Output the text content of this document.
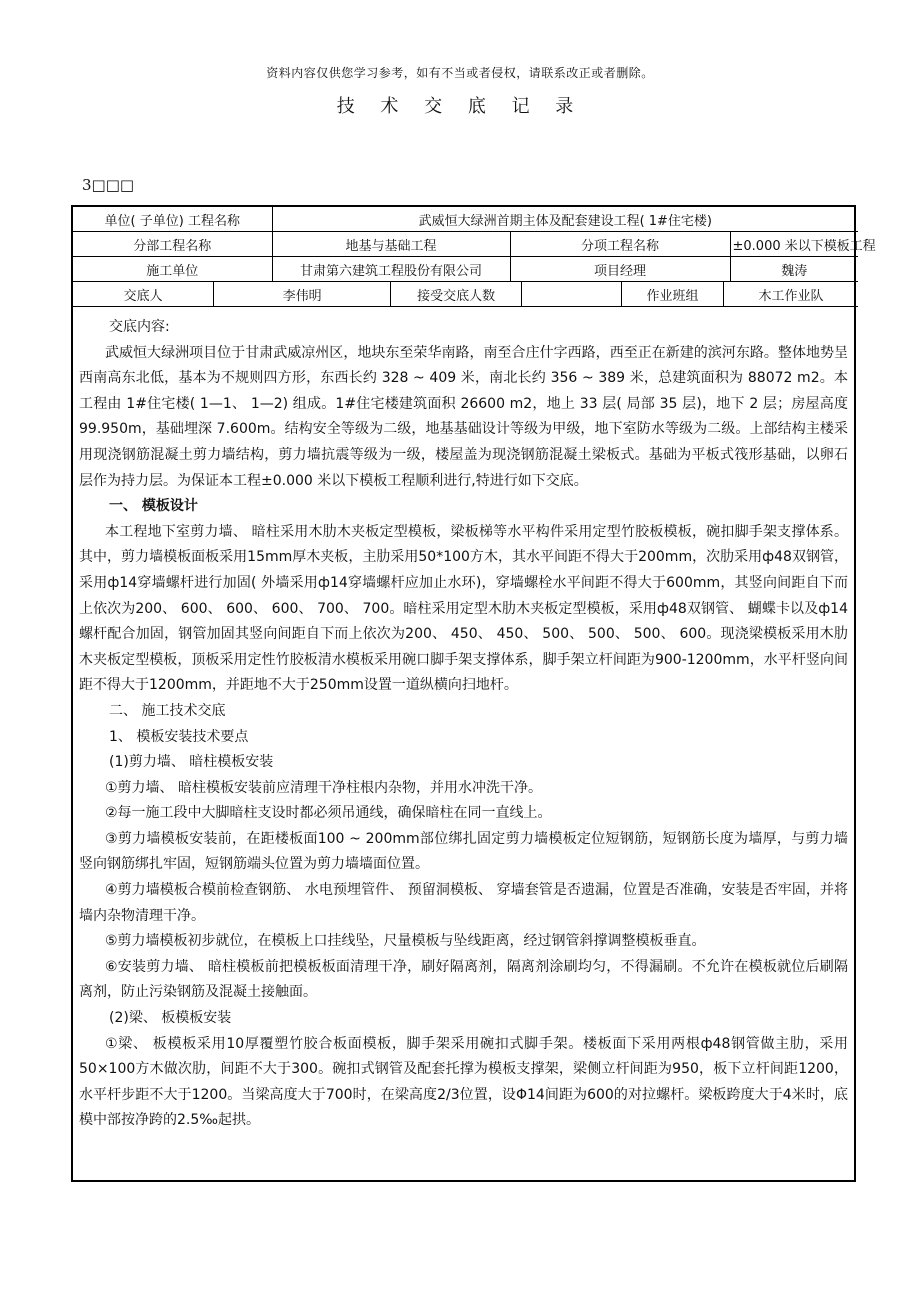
资料内容仅供您学习参考，如有不当或者侵权，请联系改正或者删除。
技 术 交 底 记 录
3□□□
单位( 子单位) 工程名称	武威恒大绿洲首期主体及配套建设工程( 1#住宅楼)
分部工程名称	地基与基础工程	分项工程名称	±0.000 米以下模板工程
施工单位	甘肃第六建筑工程股份有限公司	项目经理	魏涛

交底人	李伟明	接受交底人数		作业班组	木工作业队

交底内容:

武威恒大绿洲项目位于甘肃武威凉州区，地块东至荣华南路，南至合庄什字西路，西至正在新建的滨河东路。整体地势呈西南高东北低，基本为不规则四方形，东西长约 328 ~ 409 米，南北长约 356 ~ 389 米，总建筑面积为 88072 m2。本工程由 1#住宅楼( 1—1、 1—2) 组成。1#住宅楼建筑面积 26600 m2，地上 33 层( 局部 35 层)，地下 2 层；房屋高度 99.950m，基础埋深 7.600m。结构安全等级为二级，地基基础设计等级为甲级，地下室防水等级为二级。上部结构主楼采用现浇钢筋混凝土剪力墙结构，剪力墙抗震等级为一级，楼屋盖为现浇钢筋混凝土梁板式。基础为平板式筏形基础，以卵石层作为持力层。为保证本工程±0.000 米以下模板工程顺利进行,特进行如下交底。

一、 模板设计

本工程地下室剪力墙、 暗柱采用木肋木夹板定型模板，梁板梯等水平构件采用定型竹胶板模板，碗扣脚手架支撑体系。其中，剪力墙模板面板采用15mm厚木夹板，主肋采用50*100方木，其水平间距不得大于200mm，次肋采用ф48双钢管，采用ф14穿墙螺杆进行加固( 外墙采用ф14穿墙螺杆应加止水环)，穿墙螺栓水平间距不得大于600mm，其竖向间距自下而上依次为200、 600、 600、 600、 700、 700。暗柱采用定型木肋木夹板定型模板，采用ф48双钢管、 蝴蝶卡以及ф14螺杆配合加固，钢管加固其竖向间距自下而上依次为200、 450、 450、 500、 500、 500、 600。现浇梁模板采用木肋木夹板定型模板，顶板采用定性竹胶板清水模板采用碗口脚手架支撑体系，脚手架立杆间距为900-1200mm，水平杆竖向间距不得大于1200mm，并距地不大于250mm设置一道纵横向扫地杆。

二、 施工技术交底

1、 模板安装技术要点

(1)剪力墙、 暗柱模板安装

①剪力墙、 暗柱模板安装前应清理干净柱根内杂物，并用水冲洗干净。

②每一施工段中大脚暗柱支设时都必须吊通线，确保暗柱在同一直线上。

③剪力墙模板安装前，在距楼板面100 ~ 200mm部位绑扎固定剪力墙模板定位短钢筋，短钢筋长度为墙厚，与剪力墙竖向钢筋绑扎牢固，短钢筋端头位置为剪力墙墙面位置。

④剪力墙模板合模前检查钢筋、 水电预埋管件、 预留洞模板、 穿墙套管是否遗漏，位置是否准确，安装是否牢固，并将墙内杂物清理干净。

⑤剪力墙模板初步就位，在模板上口挂线坠，尺量模板与坠线距离，经过钢管斜撑调整模板垂直。

⑥安装剪力墙、 暗柱模板前把模板板面清理干净，刷好隔离剂，隔离剂涂刷均匀，不得漏刷。不允许在模板就位后刷隔离剂，防止污染钢筋及混凝土接触面。

(2)梁、 板模板安装

①梁、 板模板采用10厚覆塑竹胶合板面模板，脚手架采用碗扣式脚手架。楼板面下采用两根ф48钢管做主肋，采用50×100方木做次肋，间距不大于300。碗扣式钢管及配套托撑为模板支撑架，梁侧立杆间距为950，板下立杆间距1200，水平杆步距不大于1200。当梁高度大于700时，在梁高度2/3位置，设Φ14间距为600的对拉螺杆。梁板跨度大于4米时，底模中部按净跨的2.5‰起拱。
